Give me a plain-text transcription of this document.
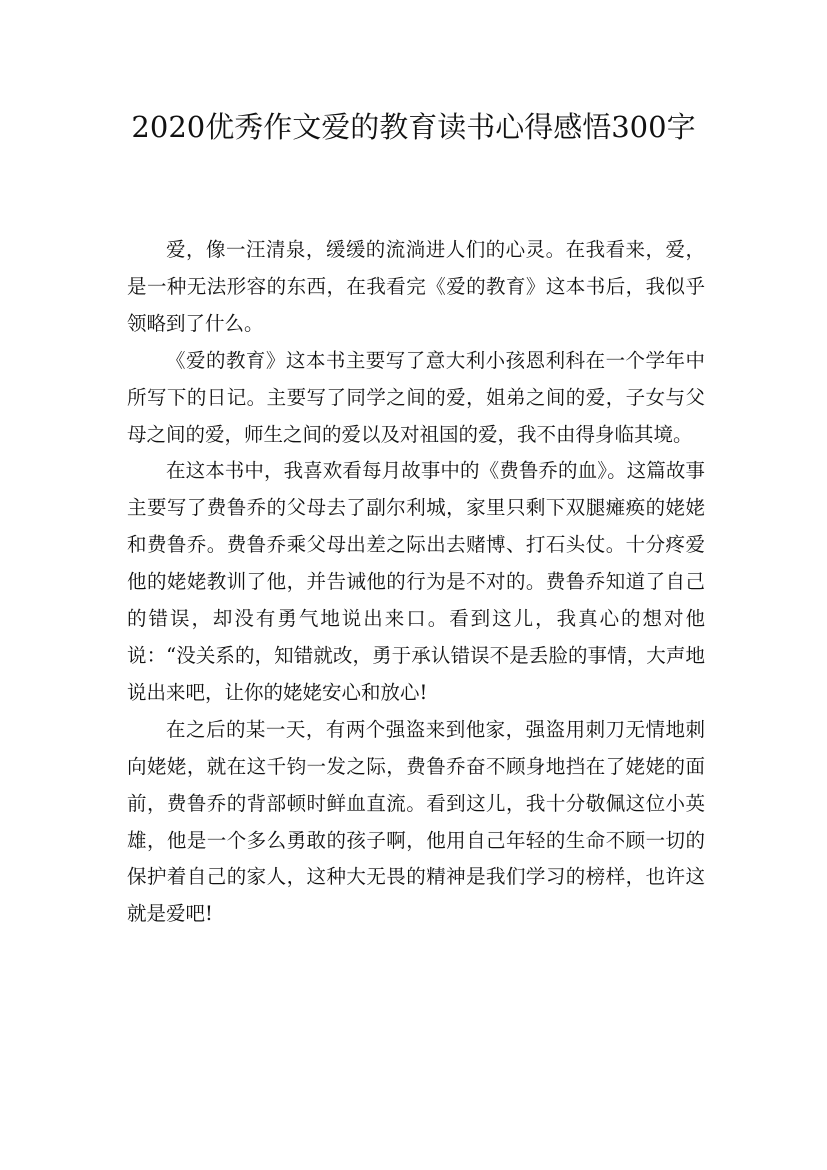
2020优秀作文爱的教育读书心得感悟300字

爱，像一汪清泉，缓缓的流淌进人们的心灵。在我看来，爱，是一种无法形容的东西，在我看完《爱的教育》这本书后，我似乎领略到了什么。

《爱的教育》这本书主要写了意大利小孩恩利科在一个学年中所写下的日记。主要写了同学之间的爱，姐弟之间的爱，子女与父母之间的爱，师生之间的爱以及对祖国的爱，我不由得身临其境。

在这本书中，我喜欢看每月故事中的《费鲁乔的血》。这篇故事主要写了费鲁乔的父母去了副尔利城，家里只剩下双腿瘫痪的姥姥和费鲁乔。费鲁乔乘父母出差之际出去赌博、打石头仗。十分疼爱他的姥姥教训了他，并告诫他的行为是不对的。费鲁乔知道了自己的错误，却没有勇气地说出来口。看到这儿，我真心的想对他说：“没关系的，知错就改，勇于承认错误不是丢脸的事情，大声地说出来吧，让你的姥姥安心和放心!

在之后的某一天，有两个强盗来到他家，强盗用刺刀无情地刺向姥姥，就在这千钧一发之际，费鲁乔奋不顾身地挡在了姥姥的面前，费鲁乔的背部顿时鲜血直流。看到这儿，我十分敬佩这位小英雄，他是一个多么勇敢的孩子啊，他用自己年轻的生命不顾一切的保护着自己的家人，这种大无畏的精神是我们学习的榜样，也许这就是爱吧!
